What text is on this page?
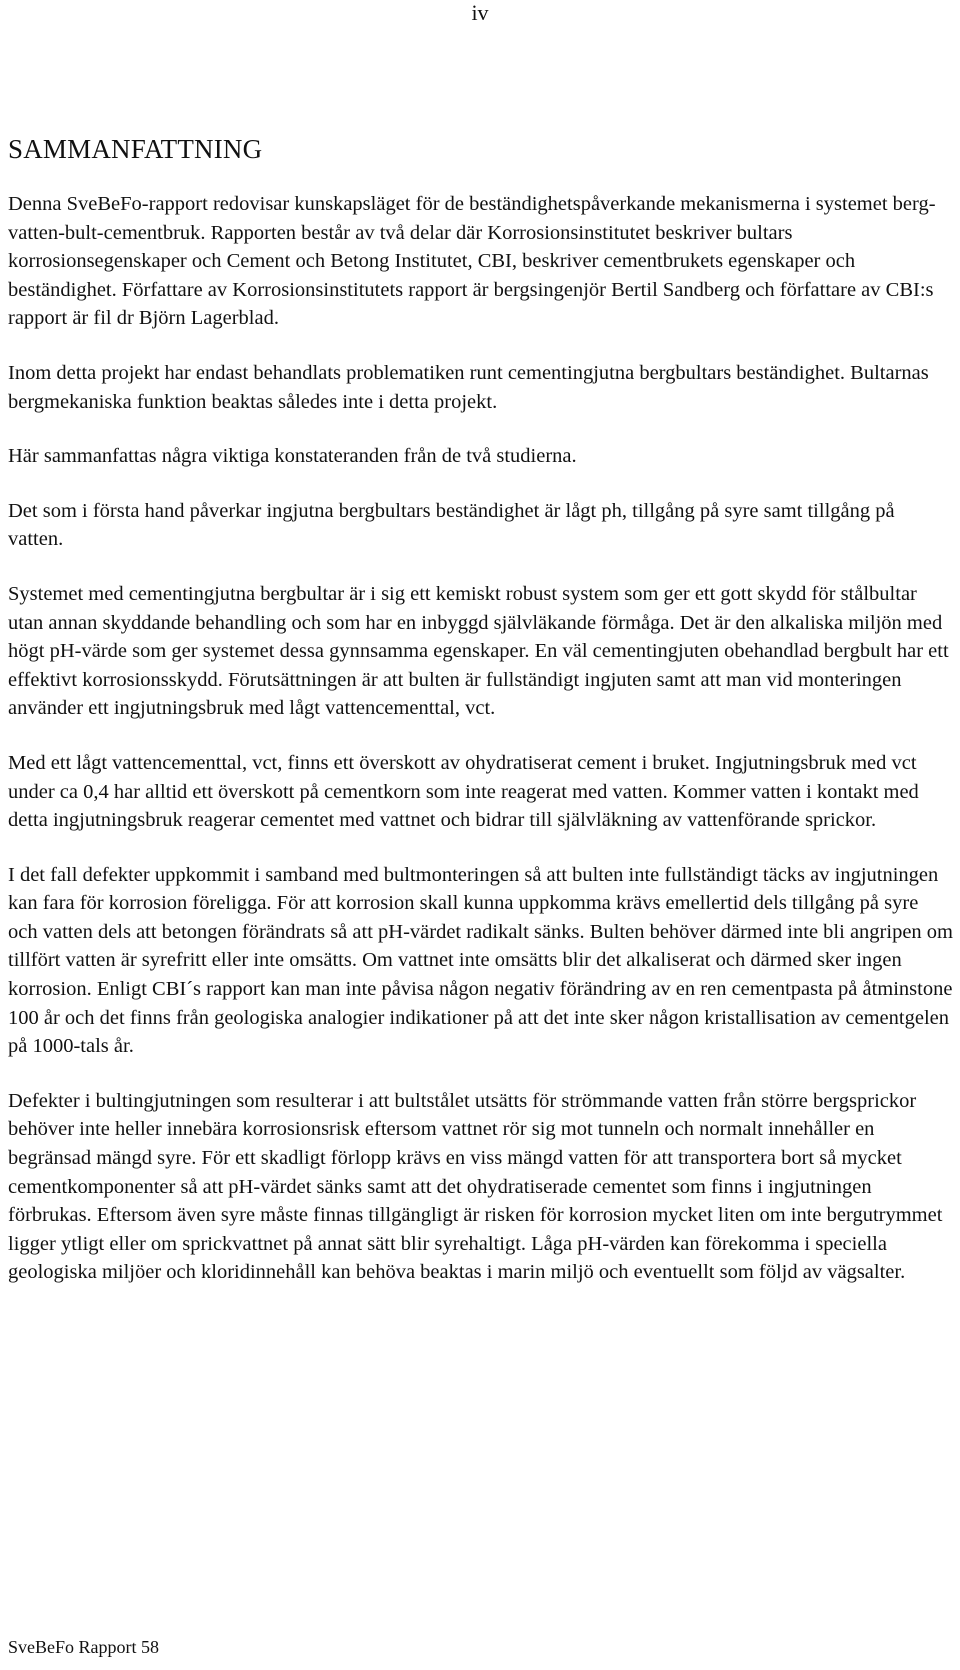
iv
SAMMANFATTNING

Denna SveBeFo-rapport redovisar kunskapsläget för de beständighetspåverkande mekanismerna i systemet berg-vatten-bult-cementbruk. Rapporten består av två delar där Korrosionsinstitutet beskriver bultars korrosionsegenskaper och Cement och Betong Institutet, CBI, beskriver cementbrukets egenskaper och beständighet. Författare av Korrosionsinstitutets rapport är bergsingenjör Bertil Sandberg och författare av CBI:s rapport är fil dr Björn Lagerblad.

Inom detta projekt har endast behandlats problematiken runt cementingjutna bergbultars beständighet. Bultarnas bergmekaniska funktion beaktas således inte i detta projekt.

Här sammanfattas några viktiga konstateranden från de två studierna.

Det som i första hand påverkar ingjutna bergbultars beständighet är lågt ph, tillgång på syre samt tillgång på vatten.

Systemet med cementingjutna bergbultar är i sig ett kemiskt robust system som ger ett gott skydd för stålbultar utan annan skyddande behandling och som har en inbyggd självläkande förmåga. Det är den alkaliska miljön med högt pH-värde som ger systemet dessa gynnsamma egenskaper. En väl cementingjuten obehandlad bergbult har ett effektivt korrosionsskydd. Förutsättningen är att bulten är fullständigt ingjuten samt att man vid monteringen använder ett ingjutningsbruk med lågt vattencementtal, vct.

Med ett lågt vattencementtal, vct, finns ett överskott av ohydratiserat cement i bruket. Ingjutningsbruk med vct under ca 0,4 har alltid ett överskott på cementkorn som inte reagerat med vatten. Kommer vatten i kontakt med detta ingjutningsbruk reagerar cementet med vattnet och bidrar till självläkning av vattenförande sprickor.

I det fall defekter uppkommit i samband med bultmonteringen så att bulten inte fullständigt täcks av ingjutningen kan fara för korrosion föreligga. För att korrosion skall kunna uppkomma krävs emellertid dels tillgång på syre och vatten dels att betongen förändrats så att pH-värdet radikalt sänks. Bulten behöver därmed inte bli angripen om tillfört vatten är syrefritt eller inte omsätts. Om vattnet inte omsätts blir det alkaliserat och därmed sker ingen korrosion. Enligt CBI´s rapport kan man inte påvisa någon negativ förändring av en ren cementpasta på åtminstone 100 år och det finns från geologiska analogier indikationer på att det inte sker någon kristallisation av cementgelen på 1000-tals år.

Defekter i bultingjutningen som resulterar i att bultstålet utsätts för strömmande vatten från större bergsprickor behöver inte heller innebära korrosionsrisk eftersom vattnet rör sig mot tunneln och normalt innehåller en begränsad mängd syre. För ett skadligt förlopp krävs en viss mängd vatten för att transportera bort så mycket cementkomponenter så att pH-värdet sänks samt att det ohydratiserade cementet som finns i ingjutningen förbrukas. Eftersom även syre måste finnas tillgängligt är risken för korrosion mycket liten om inte bergutrymmet ligger ytligt eller om sprickvattnet på annat sätt blir syrehaltigt. Låga pH-värden kan förekomma i speciella geologiska miljöer och kloridinnehåll kan behöva beaktas i marin miljö och eventuellt som följd av vägsalter.

SveBeFo Rapport 58
